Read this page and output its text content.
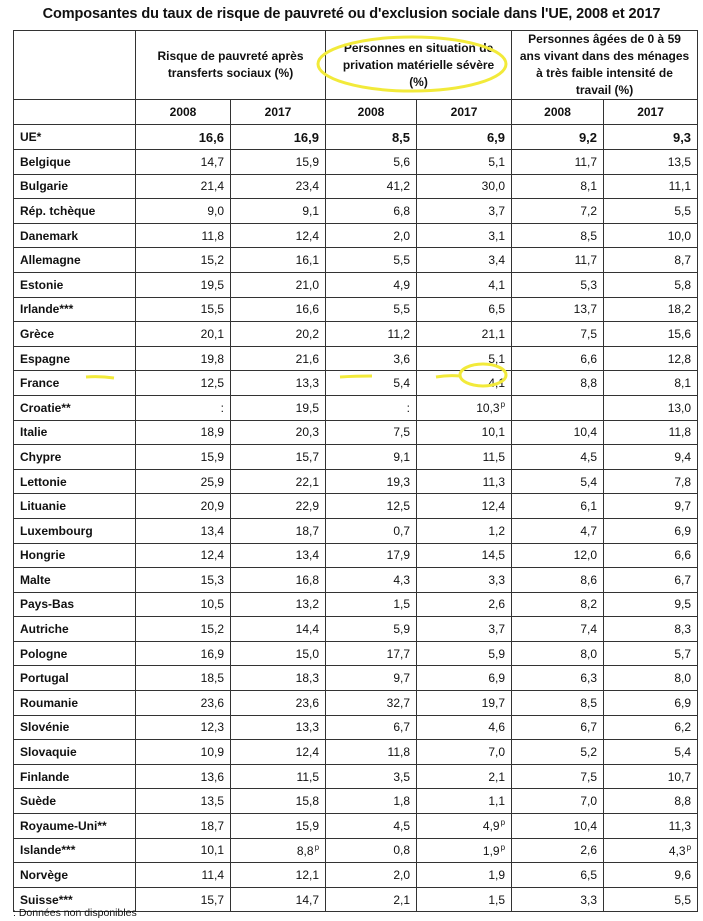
Composantes du taux de risque de pauvreté ou d'exclusion sociale dans l'UE, 2008 et 2017
	Risque de pauvreté après transferts sociaux (%)		Personnes en situation de privation matérielle sévère (%)		Personnes âgées de 0 à 59 ans vivant dans des ménages à très faible intensité de travail (%)	
	2008	2017	2008	2017	2008	2017
UE*	16,6	16,9	8,5	6,9	9,2	9,3
Belgique	14,7	15,9	5,6	5,1	11,7	13,5
Bulgarie	21,4	23,4	41,2	30,0	8,1	11,1
Rép. tchèque	9,0	9,1	6,8	3,7	7,2	5,5
Danemark	11,8	12,4	2,0	3,1	8,5	10,0
Allemagne	15,2	16,1	5,5	3,4	11,7	8,7
Estonie	19,5	21,0	4,9	4,1	5,3	5,8
Irlande***	15,5	16,6	5,5	6,5	13,7	18,2
Grèce	20,1	20,2	11,2	21,1	7,5	15,6
Espagne	19,8	21,6	3,6	5,1	6,6	12,8
France	12,5	13,3	5,4	4,1	8,8	8,1
Croatie**	:	19,5	:	10,3$^p$		13,0
Italie	18,9	20,3	7,5	10,1	10,4	11,8
Chypre	15,9	15,7	9,1	11,5	4,5	9,4
Lettonie	25,9	22,1	19,3	11,3	5,4	7,8
Lituanie	20,9	22,9	12,5	12,4	6,1	9,7
Luxembourg	13,4	18,7	0,7	1,2	4,7	6,9
Hongrie	12,4	13,4	17,9	14,5	12,0	6,6
Malte	15,3	16,8	4,3	3,3	8,6	6,7
Pays-Bas	10,5	13,2	1,5	2,6	8,2	9,5
Autriche	15,2	14,4	5,9	3,7	7,4	8,3
Pologne	16,9	15,0	17,7	5,9	8,0	5,7
Portugal	18,5	18,3	9,7	6,9	6,3	8,0
Roumanie	23,6	23,6	32,7	19,7	8,5	6,9
Slovénie	12,3	13,3	6,7	4,6	6,7	6,2
Slovaquie	10,9	12,4	11,8	7,0	5,2	5,4
Finlande	13,6	11,5	3,5	2,1	7,5	10,7
Suède	13,5	15,8	1,8	1,1	7,0	8,8
Royaume-Uni**	18,7	15,9	4,5	4,9$^p$	10,4	11,3
Islande***	10,1	8,8$^p$	0,8	1,9$^p$	2,6	4,3$^p$
Norvège	11,4	12,1	2,0	1,9	6,5	9,6
Suisse***	15,7	14,7	2,1	1,5	3,3	5,5
: Données non disponibles
